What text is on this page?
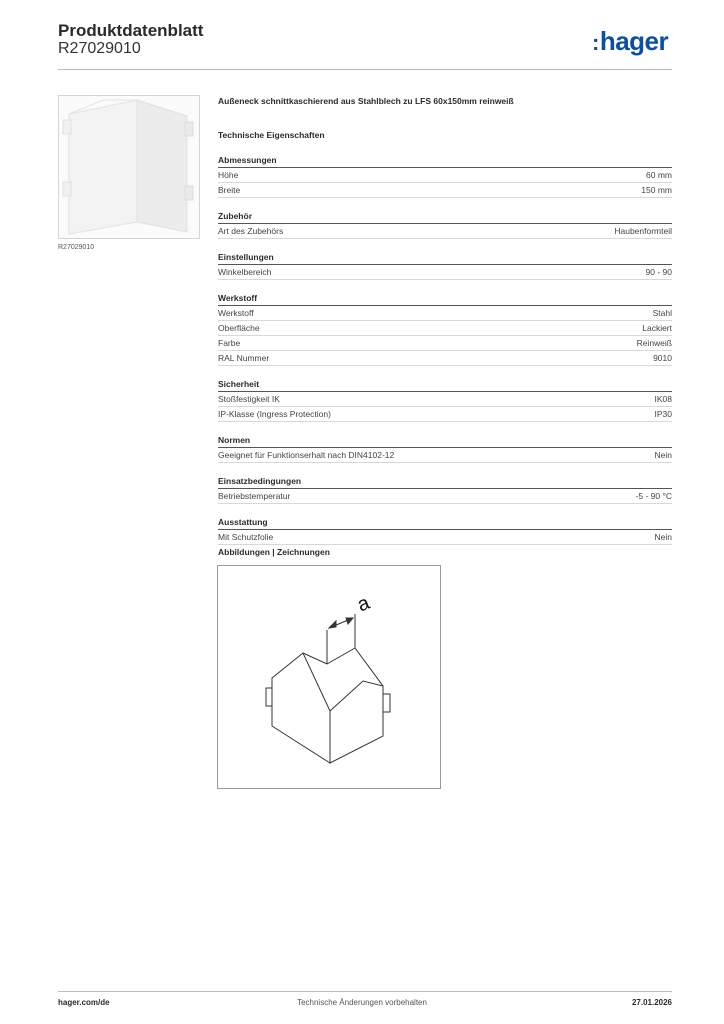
Produktdatenblatt
R27029010	:hager
R27029010
Außeneck schnittkaschierend aus Stahlblech zu LFS 60x150mm reinweiß
Technische Eigenschaften
Abmessungen
Höhe	60 mm
Breite	150 mm
Zubehör
Art des Zubehörs	Haubenformteil
Einstellungen
Winkelbereich	90 - 90
Werkstoff
Werkstoff	Stahl
Oberfläche	Lackiert
Farbe	Reinweiß
RAL Nummer	9010
Sicherheit
Stoßfestigkeit IK	IK08
IP-Klasse (Ingress Protection)	IP30
Normen
Geeignet für Funktionserhalt nach DIN4102-12	Nein
Einsatzbedingungen
Betriebstemperatur	-5 - 90 °C
Ausstattung
Mit Schutzfolie	Nein
Abbildungen | Zeichnungen
a
hager.com/de	Technische Änderungen vorbehalten	27.01.2026
